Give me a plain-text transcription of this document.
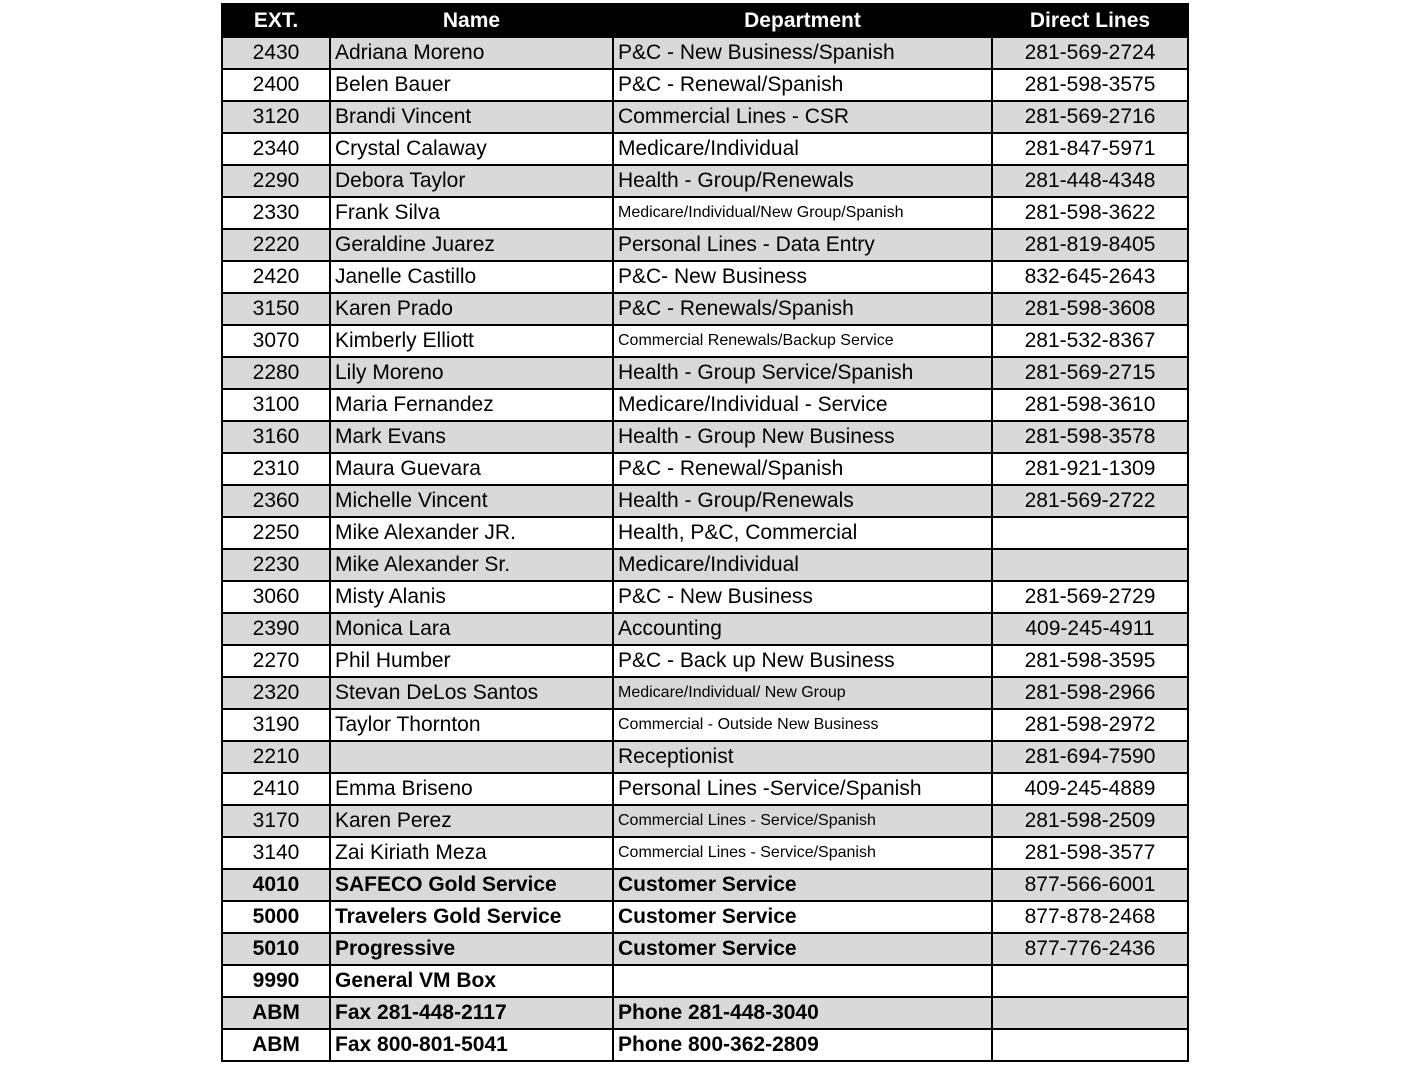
EXT.	Name	Department	Direct Lines
2430	Adriana Moreno	P&C - New Business/Spanish	281-569-2724
2400	Belen Bauer	P&C - Renewal/Spanish	281-598-3575
3120	Brandi Vincent	Commercial Lines - CSR	281-569-2716
2340	Crystal Calaway	Medicare/Individual	281-847-5971
2290	Debora Taylor	Health - Group/Renewals	281-448-4348
2330	Frank Silva	Medicare/Individual/New Group/Spanish	281-598-3622
2220	Geraldine Juarez	Personal Lines - Data Entry	281-819-8405
2420	Janelle Castillo	P&C- New Business	832-645-2643
3150	Karen Prado	P&C - Renewals/Spanish	281-598-3608
3070	Kimberly Elliott	Commercial Renewals/Backup Service	281-532-8367
2280	Lily Moreno	Health - Group Service/Spanish	281-569-2715
3100	Maria Fernandez	Medicare/Individual - Service	281-598-3610
3160	Mark Evans	Health - Group New Business	281-598-3578
2310	Maura Guevara	P&C - Renewal/Spanish	281-921-1309
2360	Michelle Vincent	Health - Group/Renewals	281-569-2722
2250	Mike Alexander JR.	Health, P&C, Commercial	
2230	Mike Alexander Sr.	Medicare/Individual	
3060	Misty Alanis	P&C - New Business	281-569-2729
2390	Monica Lara	Accounting	409-245-4911
2270	Phil Humber	P&C - Back up New Business	281-598-3595
2320	Stevan DeLos Santos	Medicare/Individual/ New Group	281-598-2966
3190	Taylor Thornton	Commercial - Outside New Business	281-598-2972
2210		Receptionist	281-694-7590
2410	Emma Briseno	Personal Lines -Service/Spanish	409-245-4889
3170	Karen Perez	Commercial Lines - Service/Spanish	281-598-2509
3140	Zai Kiriath Meza	Commercial Lines - Service/Spanish	281-598-3577
4010	SAFECO Gold Service	Customer Service	877-566-6001
5000	Travelers Gold Service	Customer Service	877-878-2468
5010	Progressive	Customer Service	877-776-2436
9990	General VM Box		
ABM	Fax 281-448-2117	Phone 281-448-3040	
ABM	Fax 800-801-5041	Phone 800-362-2809	
